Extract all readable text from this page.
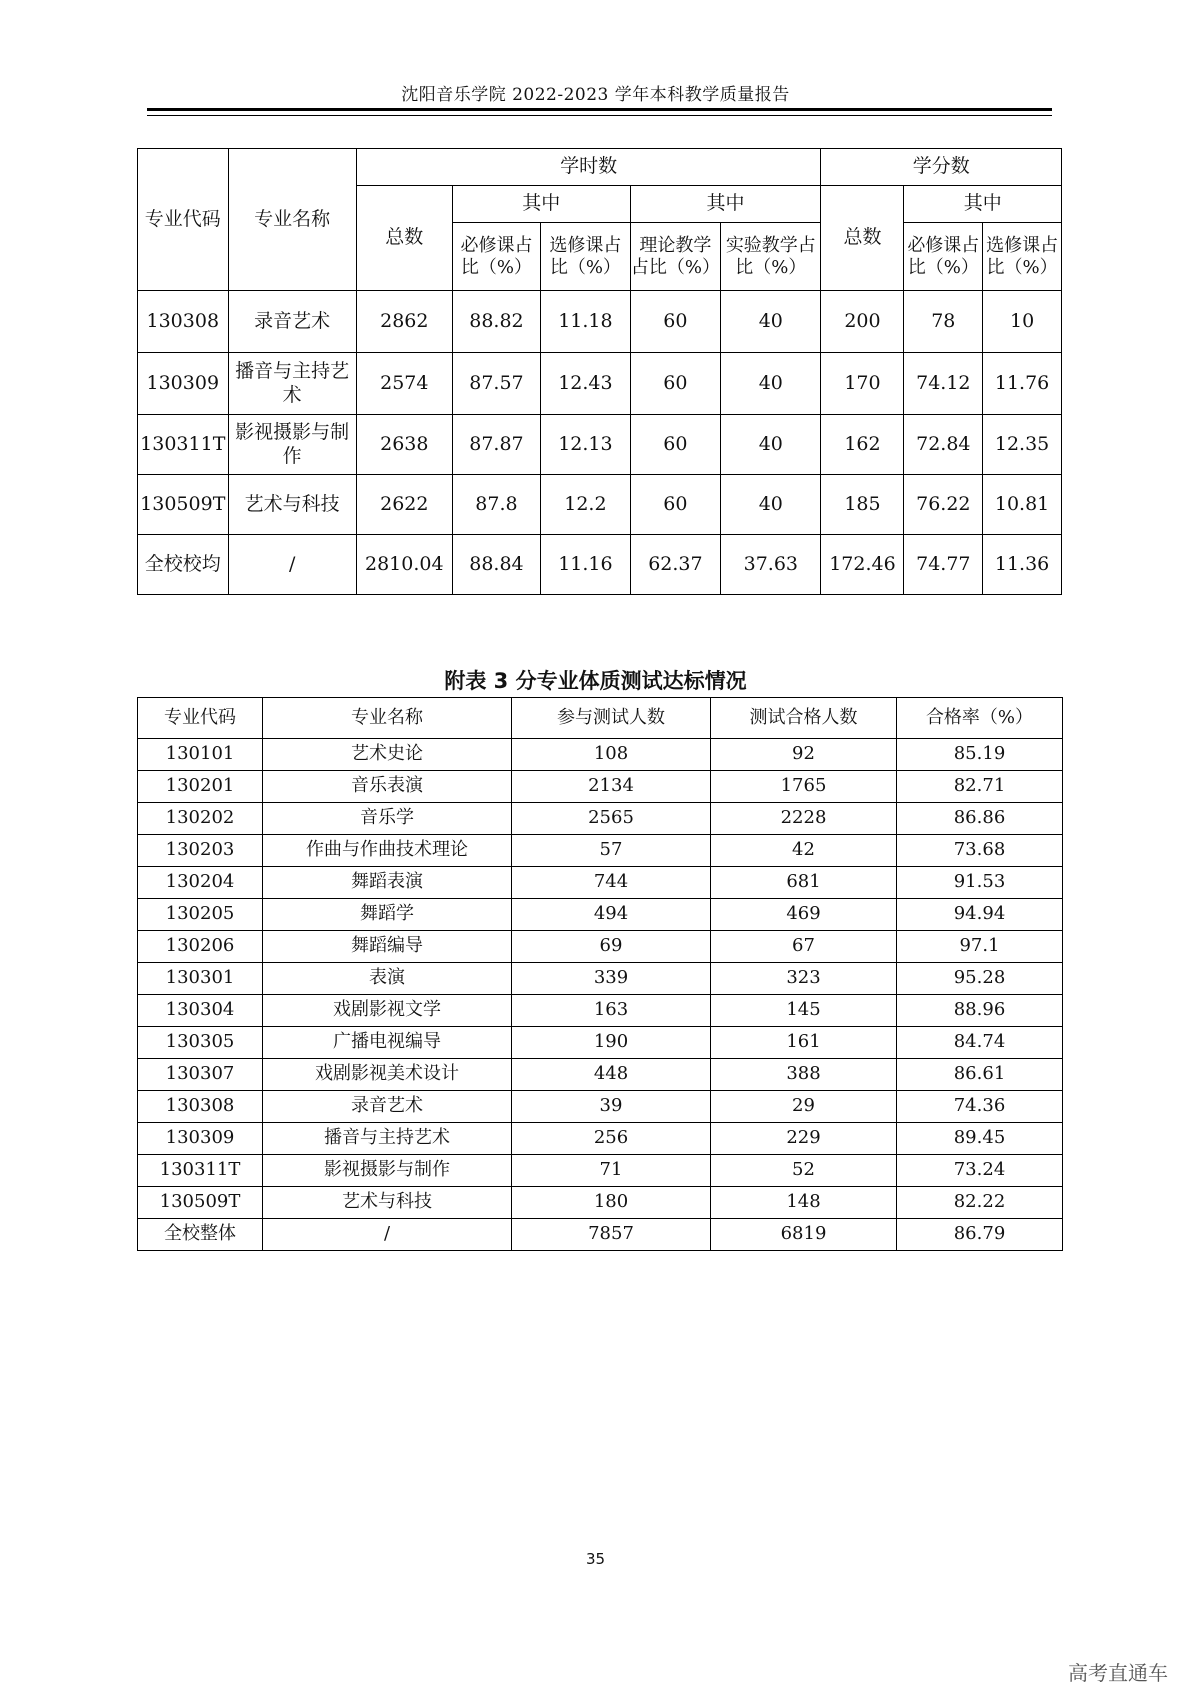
沈阳音乐学院 2022-2023 学年本科教学质量报告
专业代码	专业名称	学时数					学分数		
		总数	其中		其中		总数	其中	
			必修课占比（%）	选修课占比（%）	理论教学占比（%）	实验教学占比（%）		必修课占比（%）	选修课占比（%）
130308	录音艺术	2862	88.82	11.18	60	40	200	78	10
130309	播音与主持艺术	2574	87.57	12.43	60	40	170	74.12	11.76
130311T	影视摄影与制作	2638	87.87	12.13	60	40	162	72.84	12.35
130509T	艺术与科技	2622	87.8	12.2	60	40	185	76.22	10.81
全校校均	/	2810.04	88.84	11.16	62.37	37.63	172.46	74.77	11.36
附表 3 分专业体质测试达标情况
专业代码	专业名称	参与测试人数	测试合格人数	合格率（%）
130101	艺术史论	108	92	85.19
130201	音乐表演	2134	1765	82.71
130202	音乐学	2565	2228	86.86
130203	作曲与作曲技术理论	57	42	73.68
130204	舞蹈表演	744	681	91.53
130205	舞蹈学	494	469	94.94
130206	舞蹈编导	69	67	97.1
130301	表演	339	323	95.28
130304	戏剧影视文学	163	145	88.96
130305	广播电视编导	190	161	84.74
130307	戏剧影视美术设计	448	388	86.61
130308	录音艺术	39	29	74.36
130309	播音与主持艺术	256	229	89.45
130311T	影视摄影与制作	71	52	73.24
130509T	艺术与科技	180	148	82.22
全校整体	/	7857	6819	86.79
35
高考直通车
